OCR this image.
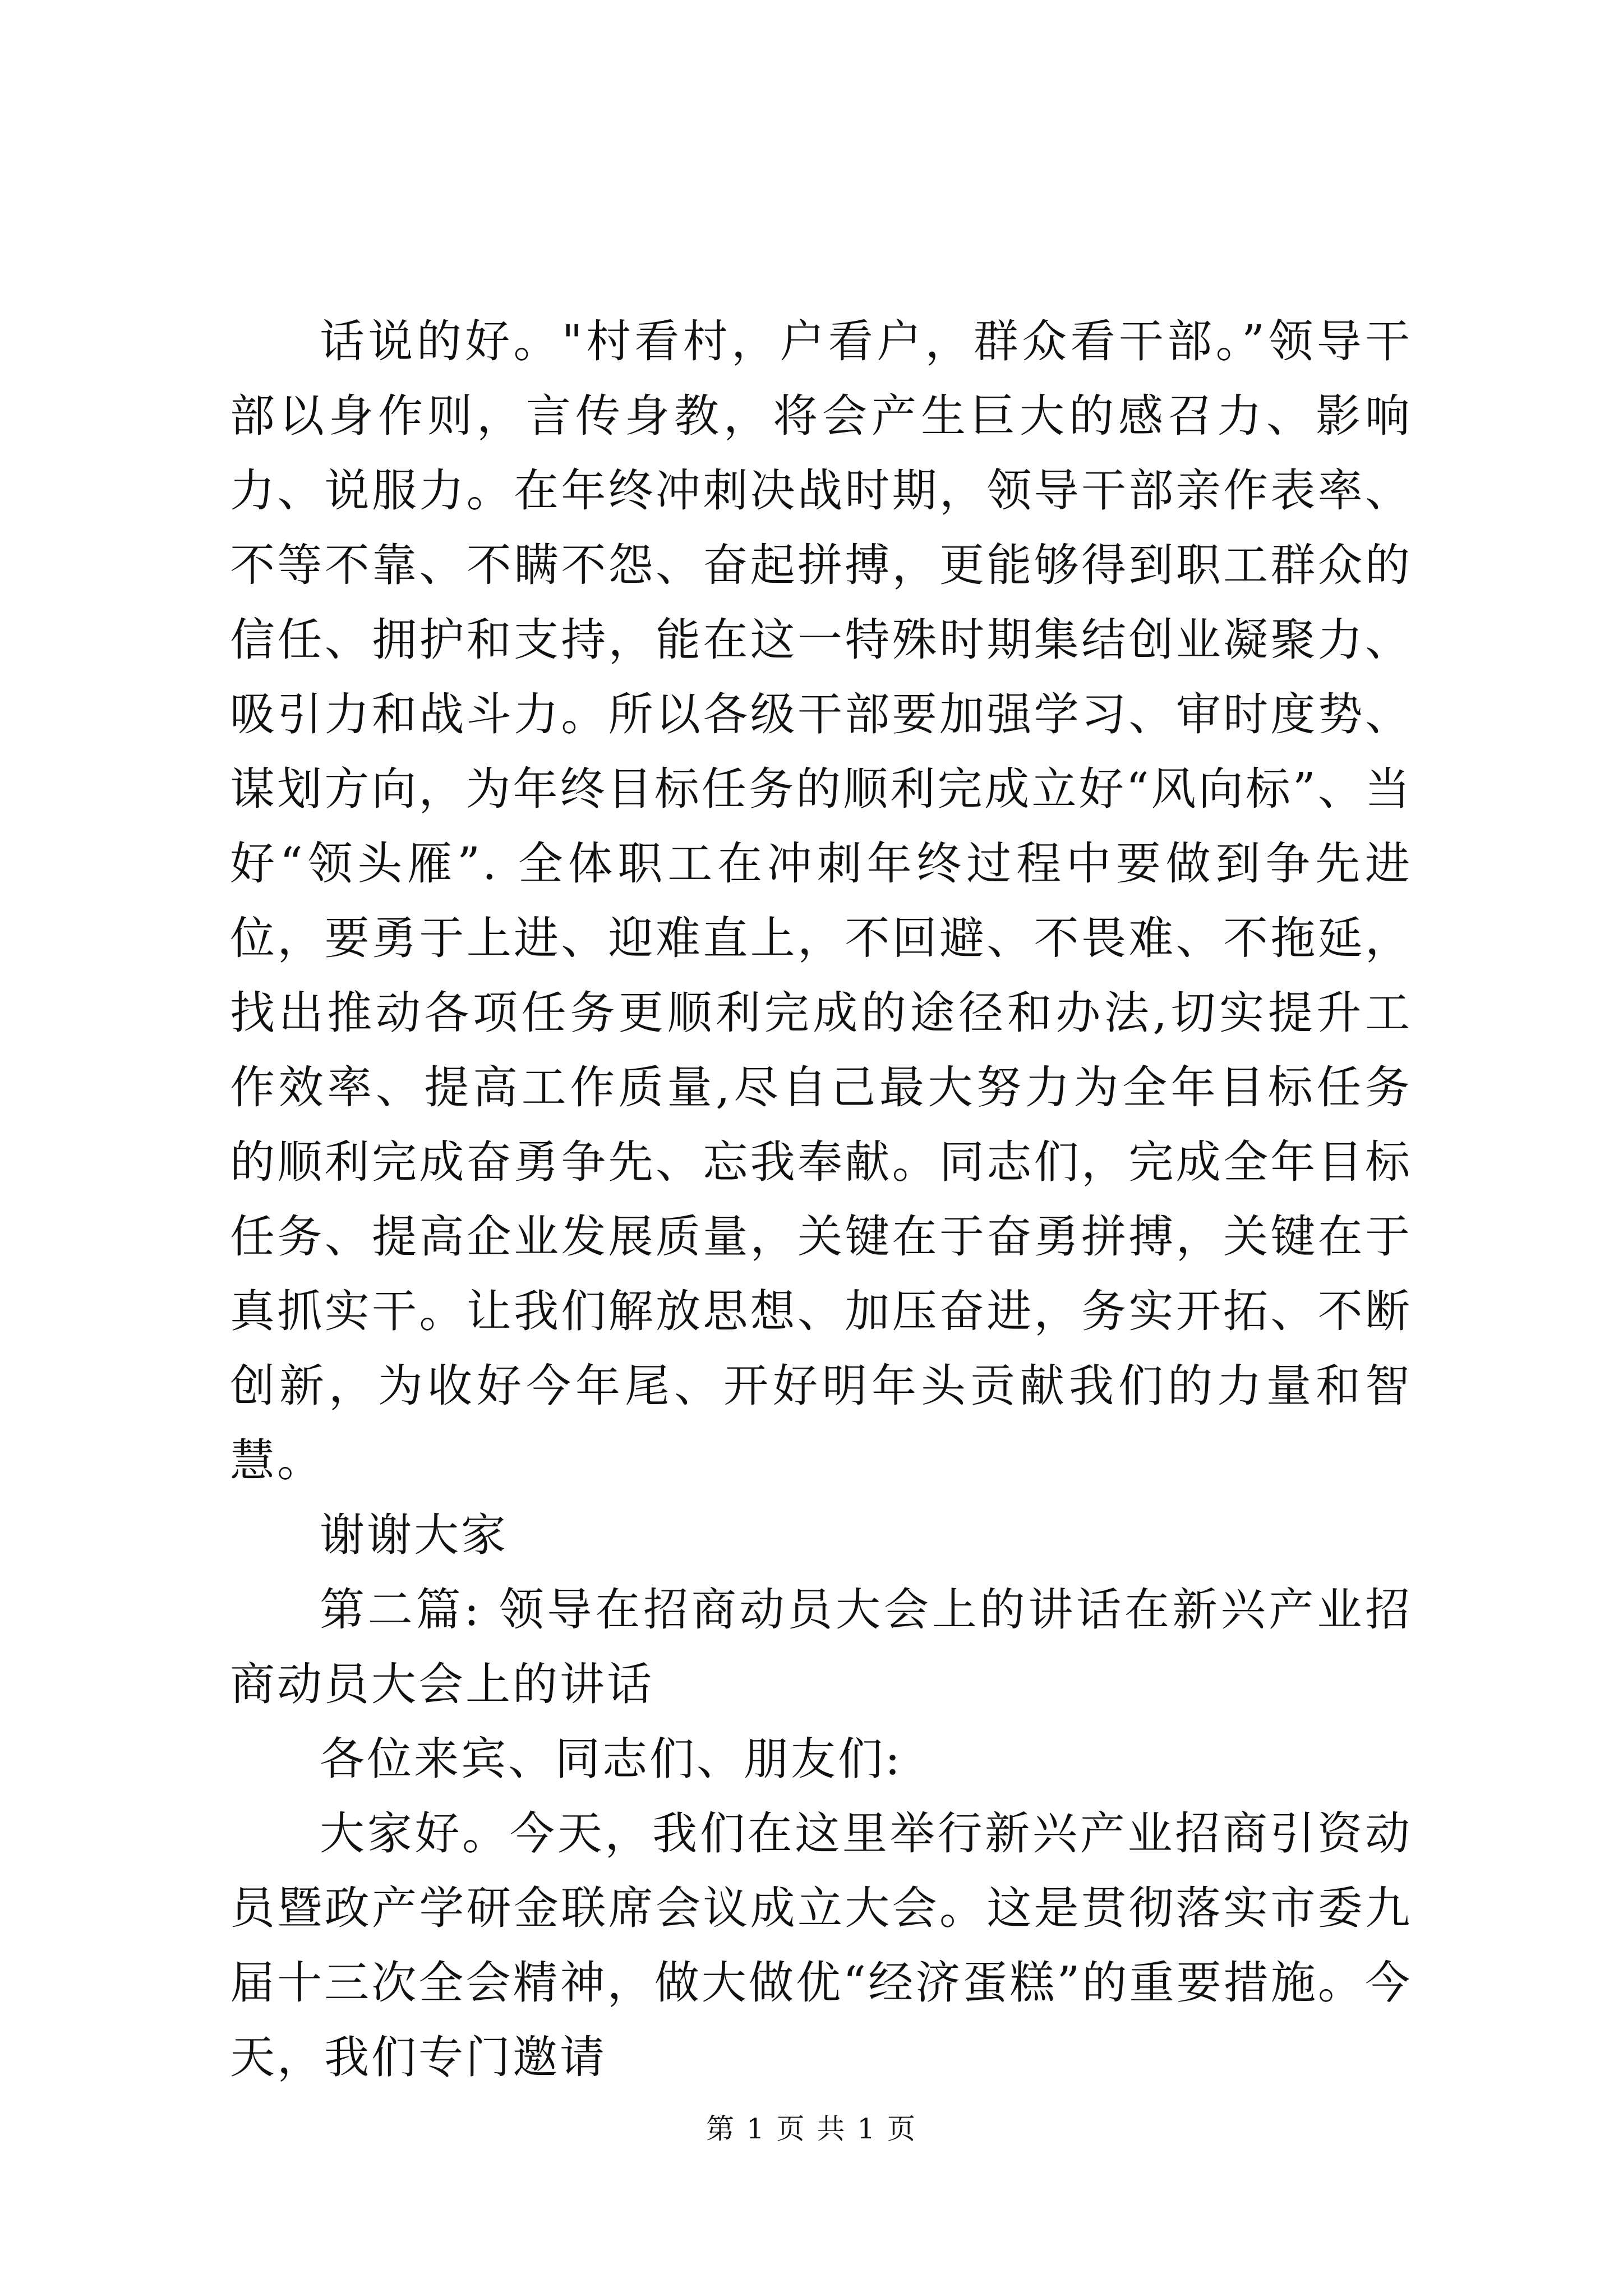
话说的好。"村看村，户看户，群众看干部。”领导干部以身作则，言传身教，将会产生巨大的感召力、影响力、说服力。在年终冲刺决战时期，领导干部亲作表率、不等不靠、不瞒不怨、奋起拼搏，更能够得到职工群众的信任、拥护和支持，能在这一特殊时期集结创业凝聚力、吸引力和战斗力。所以各级干部要加强学习、审时度势、谋划方向，为年终目标任务的顺利完成立好“风向标”、当好“领头雁”. 全体职工在冲刺年终过程中要做到争先进位，要勇于上进、迎难直上，不回避、不畏难、不拖延，找出推动各项任务更顺利完成的途径和办法,切实提升工作效率、提高工作质量,尽自己最大努力为全年目标任务的顺利完成奋勇争先、忘我奉献。同志们，完成全年目标任务、提高企业发展质量，关键在于奋勇拼搏，关键在于真抓实干。让我们解放思想、加压奋进，务实开拓、不断创新，为收好今年尾、开好明年头贡献我们的力量和智慧。

谢谢大家

第二篇: 领导在招商动员大会上的讲话在新兴产业招商动员大会上的讲话

各位来宾、同志们、朋友们:

大家好。今天，我们在这里举行新兴产业招商引资动员暨政产学研金联席会议成立大会。这是贯彻落实市委九届十三次全会精神，做大做优“经济蛋糕”的重要措施。今天，我们专门邀请

第 1 页 共 1 页
